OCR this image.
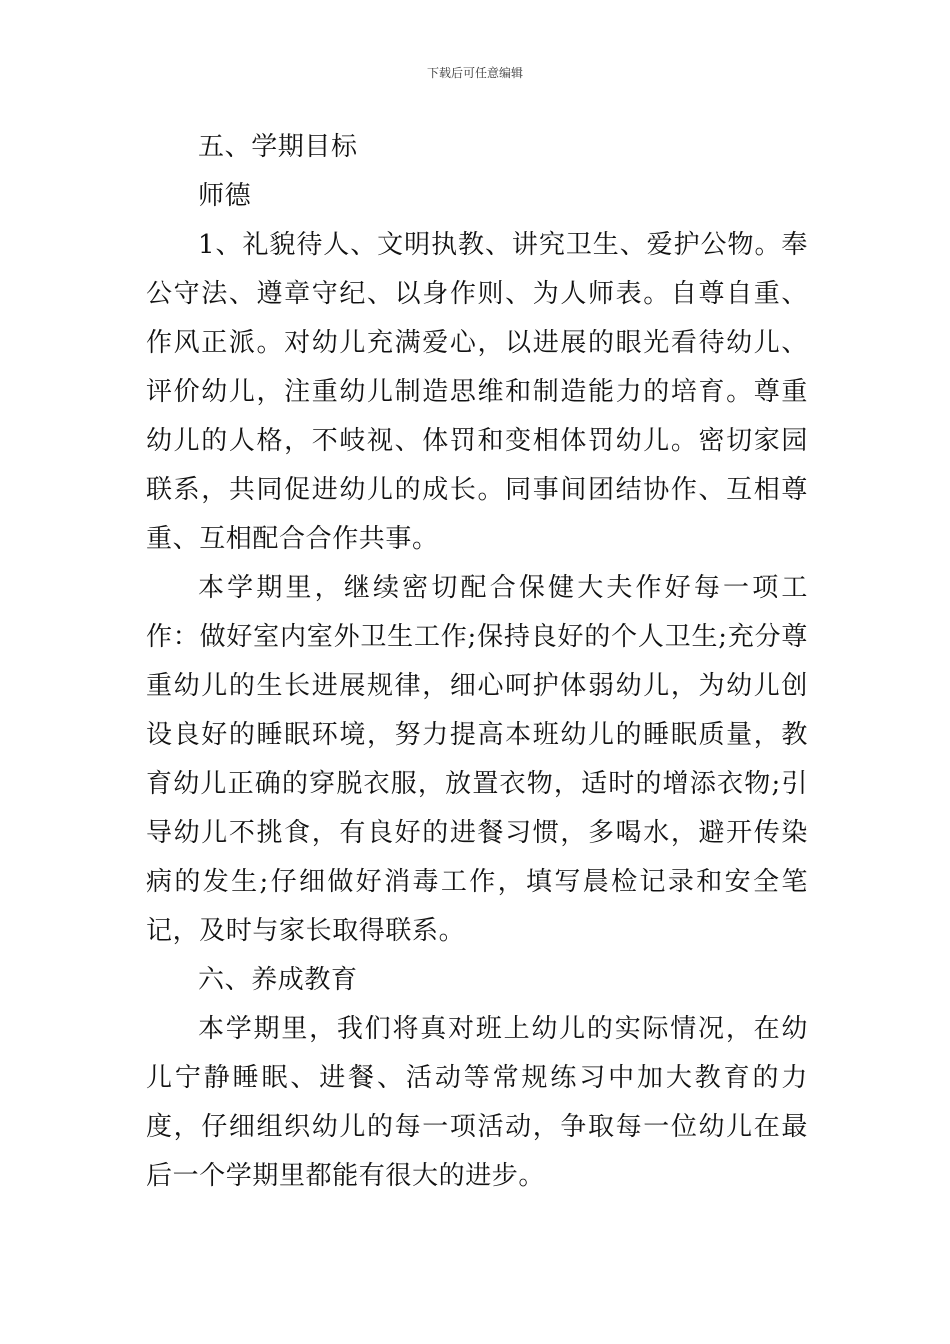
下载后可任意编辑

五、学期目标

师德

1、礼貌待人、文明执教、讲究卫生、爱护公物。奉公守法、遵章守纪、以身作则、为人师表。自尊自重、作风正派。对幼儿充满爱心，以进展的眼光看待幼儿、评价幼儿，注重幼儿制造思维和制造能力的培育。尊重幼儿的人格，不岐视、体罚和变相体罚幼儿。密切家园联系，共同促进幼儿的成长。同事间团结协作、互相尊重、互相配合合作共事。

本学期里，继续密切配合保健大夫作好每一项工作：做好室内室外卫生工作;保持良好的个人卫生;充分尊重幼儿的生长进展规律，细心呵护体弱幼儿，为幼儿创设良好的睡眠环境，努力提高本班幼儿的睡眠质量，教育幼儿正确的穿脱衣服，放置衣物，适时的增添衣物;引导幼儿不挑食，有良好的进餐习惯，多喝水，避开传染病的发生;仔细做好消毒工作，填写晨检记录和安全笔记，及时与家长取得联系。

六、养成教育

本学期里，我们将真对班上幼儿的实际情况，在幼儿宁静睡眠、进餐、活动等常规练习中加大教育的力度，仔细组织幼儿的每一项活动，争取每一位幼儿在最后一个学期里都能有很大的进步。
